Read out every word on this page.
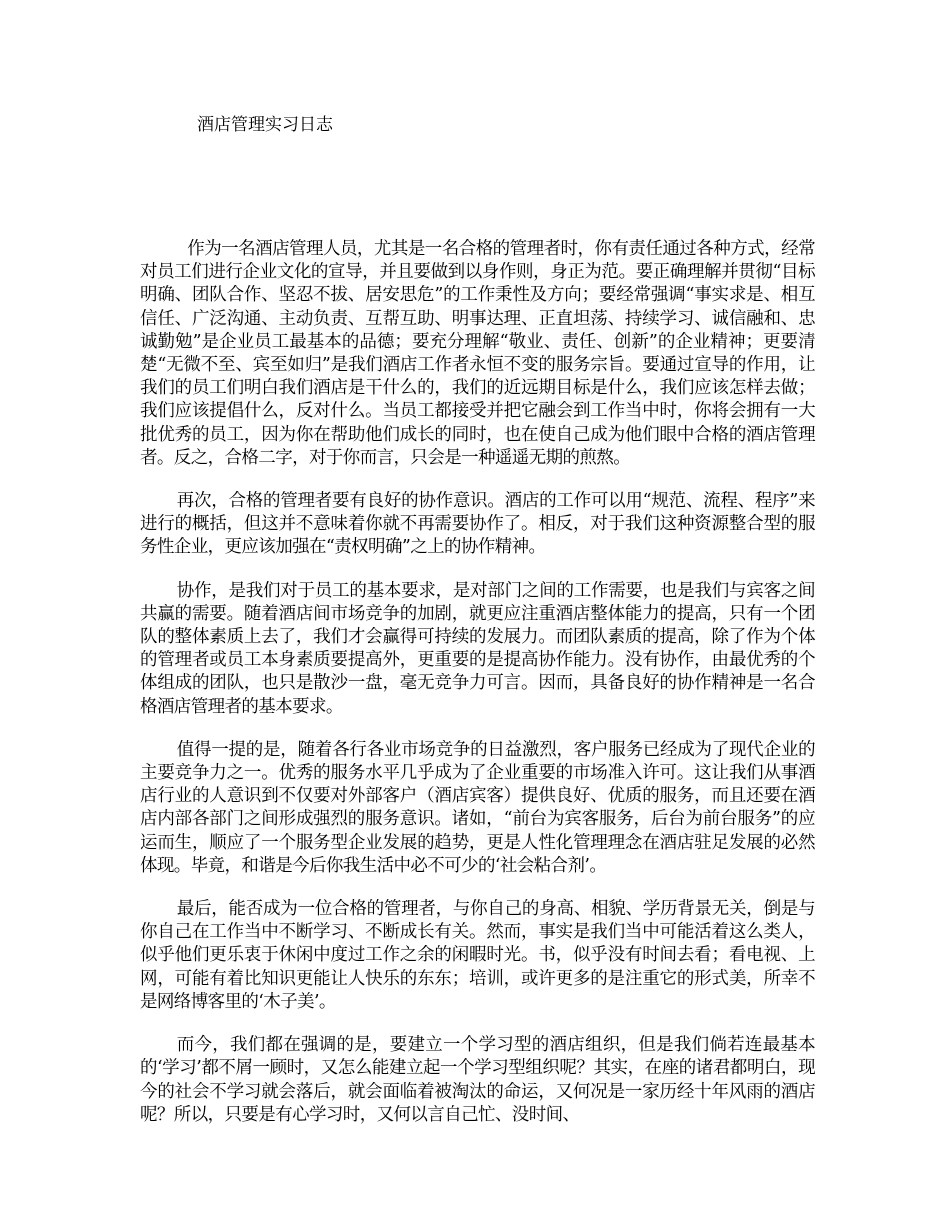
酒店管理实习日志

作为一名酒店管理人员，尤其是一名合格的管理者时，你有责任通过各种方式，经常对员工们进行企业文化的宣导，并且要做到以身作则，身正为范。要正确理解并贯彻“目标明确、团队合作、坚忍不拔、居安思危”的工作秉性及方向；要经常强调“事实求是、相互信任、广泛沟通、主动负责、互帮互助、明事达理、正直坦荡、持续学习、诚信融和、忠诚勤勉”是企业员工最基本的品德；要充分理解“敬业、责任、创新”的企业精神；更要清楚“无微不至、宾至如归”是我们酒店工作者永恒不变的服务宗旨。要通过宣导的作用，让我们的员工们明白我们酒店是干什么的，我们的近远期目标是什么，我们应该怎样去做；我们应该提倡什么，反对什么。当员工都接受并把它融会到工作当中时，你将会拥有一大批优秀的员工，因为你在帮助他们成长的同时，也在使自己成为他们眼中合格的酒店管理者。反之，合格二字，对于你而言，只会是一种遥遥无期的煎熬。

再次，合格的管理者要有良好的协作意识。酒店的工作可以用“规范、流程、程序”来进行的概括，但这并不意味着你就不再需要协作了。相反，对于我们这种资源整合型的服务性企业，更应该加强在“责权明确”之上的协作精神。

协作，是我们对于员工的基本要求，是对部门之间的工作需要，也是我们与宾客之间共赢的需要。随着酒店间市场竞争的加剧，就更应注重酒店整体能力的提高，只有一个团队的整体素质上去了，我们才会赢得可持续的发展力。而团队素质的提高，除了作为个体的管理者或员工本身素质要提高外，更重要的是提高协作能力。没有协作，由最优秀的个体组成的团队，也只是散沙一盘，毫无竞争力可言。因而，具备良好的协作精神是一名合格酒店管理者的基本要求。

值得一提的是，随着各行各业市场竞争的日益激烈，客户服务已经成为了现代企业的主要竞争力之一。优秀的服务水平几乎成为了企业重要的市场准入许可。这让我们从事酒店行业的人意识到不仅要对外部客户（酒店宾客）提供良好、优质的服务，而且还要在酒店内部各部门之间形成强烈的服务意识。诸如，“前台为宾客服务，后台为前台服务”的应运而生，顺应了一个服务型企业发展的趋势，更是人性化管理理念在酒店驻足发展的必然体现。毕竟，和谐是今后你我生活中必不可少的‘社会粘合剂’。

最后，能否成为一位合格的管理者，与你自己的身高、相貌、学历背景无关，倒是与你自己在工作当中不断学习、不断成长有关。然而，事实是我们当中可能活着这么类人，似乎他们更乐衷于休闲中度过工作之余的闲暇时光。书，似乎没有时间去看；看电视、上网，可能有着比知识更能让人快乐的东东；培训，或许更多的是注重它的形式美，所幸不是网络博客里的‘木子美’。

而今，我们都在强调的是，要建立一个学习型的酒店组织，但是我们倘若连最基本的‘学习’都不屑一顾时，又怎么能建立起一个学习型组织呢？其实，在座的诸君都明白，现今的社会不学习就会落后，就会面临着被淘汰的命运，又何况是一家历经十年风雨的酒店呢？所以，只要是有心学习时，又何以言自己忙、没时间、
